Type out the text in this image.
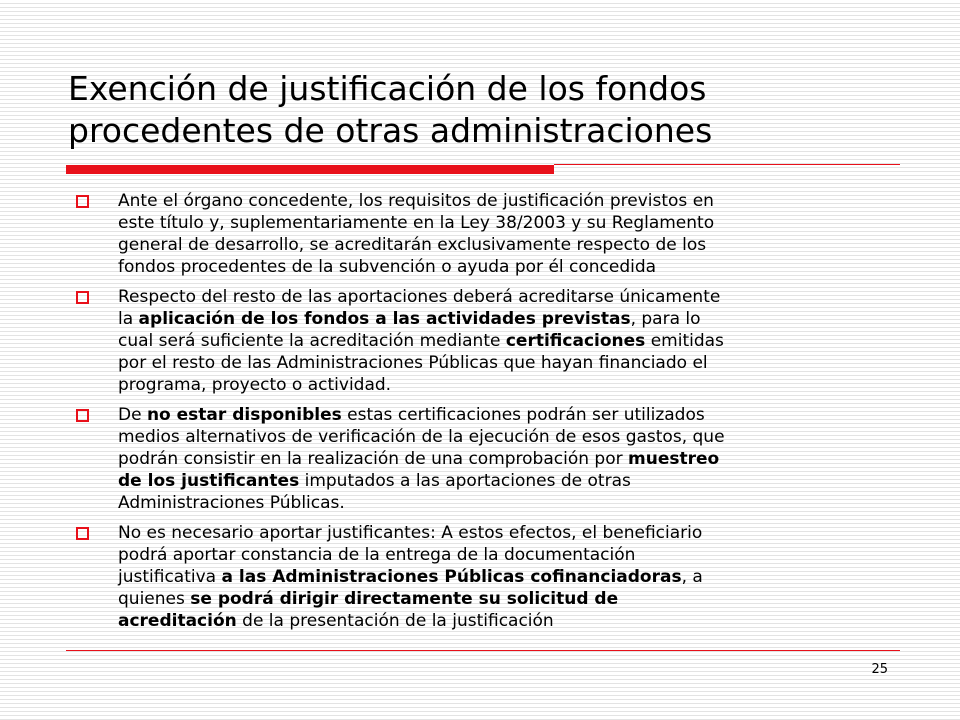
Exención de justificación de los fondos
procedentes de otras administraciones
Ante el órgano concedente, los requisitos de justificación previstos en
este título y, suplementariamente en la Ley 38/2003 y su Reglamento
general de desarrollo, se acreditarán exclusivamente respecto de los
fondos procedentes de la subvención o ayuda por él concedida
Respecto del resto de las aportaciones deberá acreditarse únicamente
la aplicación de los fondos a las actividades previstas, para lo
cual será suficiente la acreditación mediante certificaciones emitidas
por el resto de las Administraciones Públicas que hayan financiado el
programa, proyecto o actividad.
De no estar disponibles estas certificaciones podrán ser utilizados
medios alternativos de verificación de la ejecución de esos gastos, que
podrán consistir en la realización de una comprobación por muestreo
de los justificantes imputados a las aportaciones de otras
Administraciones Públicas.
No es necesario aportar justificantes: A estos efectos, el beneficiario
podrá aportar constancia de la entrega de la documentación
justificativa a las Administraciones Públicas cofinanciadoras, a
quienes se podrá dirigir directamente su solicitud de
acreditación de la presentación de la justificación
25
